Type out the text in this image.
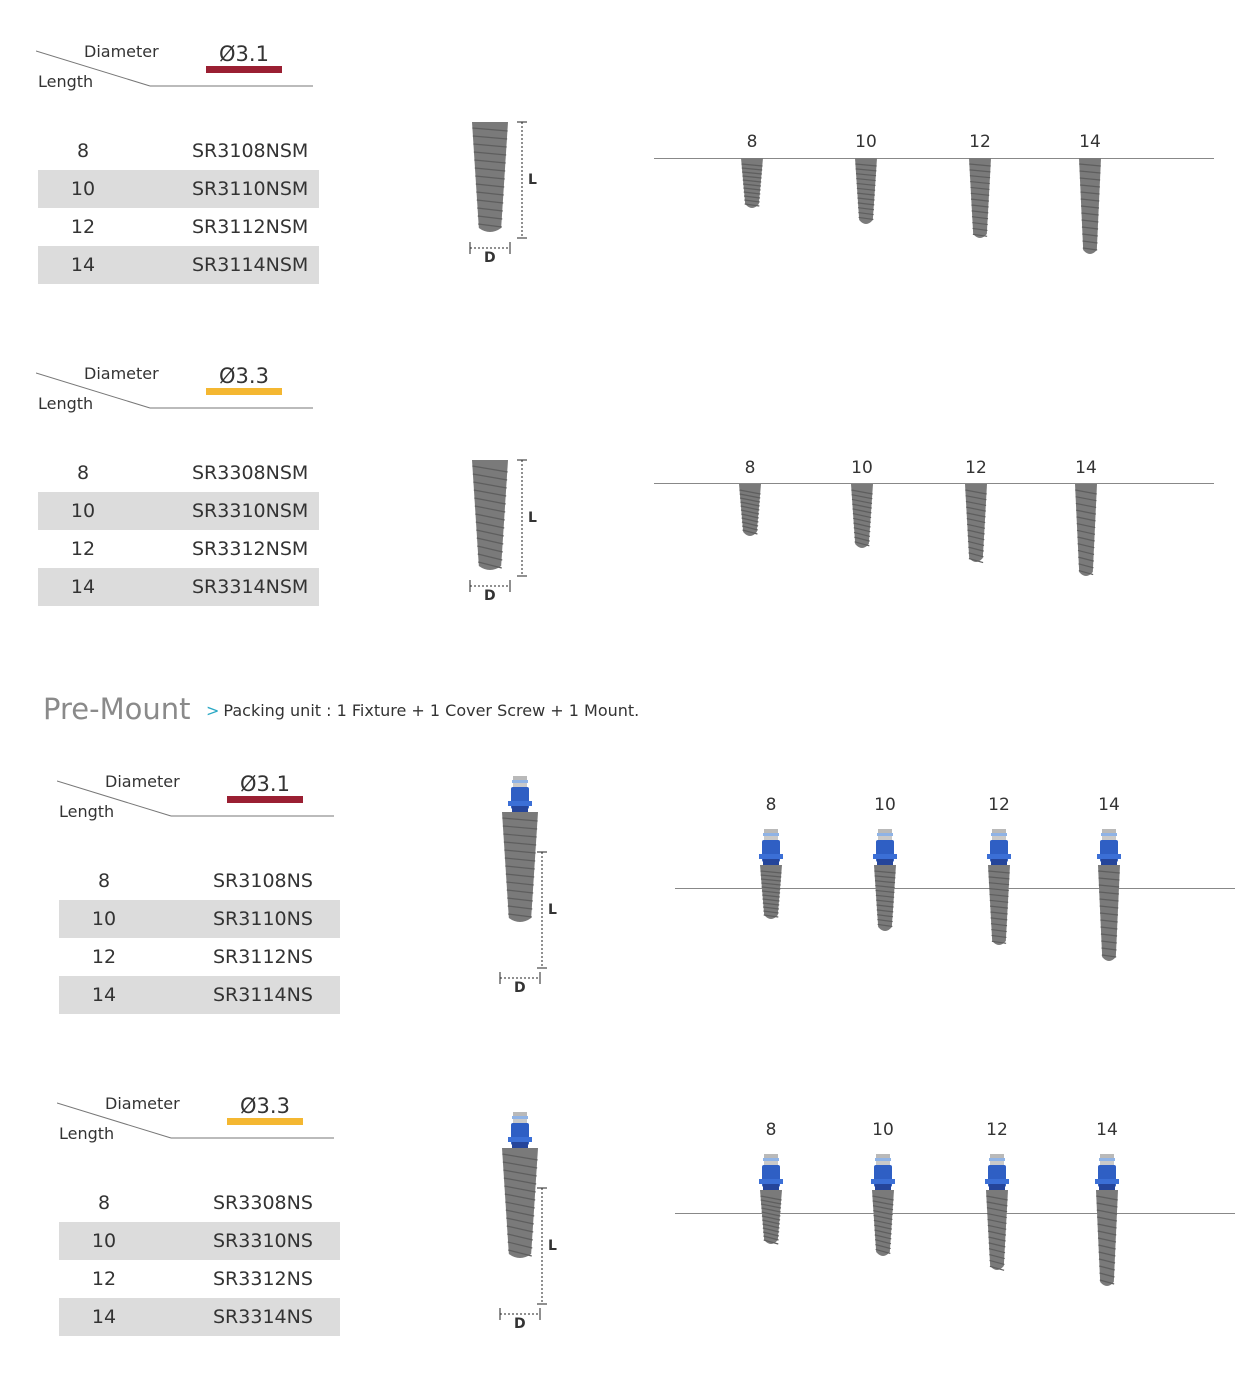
Diameter
Length
Ø3.1
8	SR3108NSM
10	SR3110NSM
12	SR3112NSM
14	SR3114NSM
L
D
8	10	12	14
Diameter
Length
Ø3.3
8	SR3308NSM
10	SR3310NSM
12	SR3312NSM
14	SR3314NSM
L
D
8	10	12	14
Diameter
Length
Ø3.1
8	SR3108NS
10	SR3110NS
12	SR3112NS
14	SR3114NS
L
D
8	10	12	14
Diameter
Length
Ø3.3
8	SR3308NS
10	SR3310NS
12	SR3312NS
14	SR3314NS
L
D
8	10	12	14
Pre-Mount > Packing unit : 1 Fixture + 1 Cover Screw + 1 Mount.
